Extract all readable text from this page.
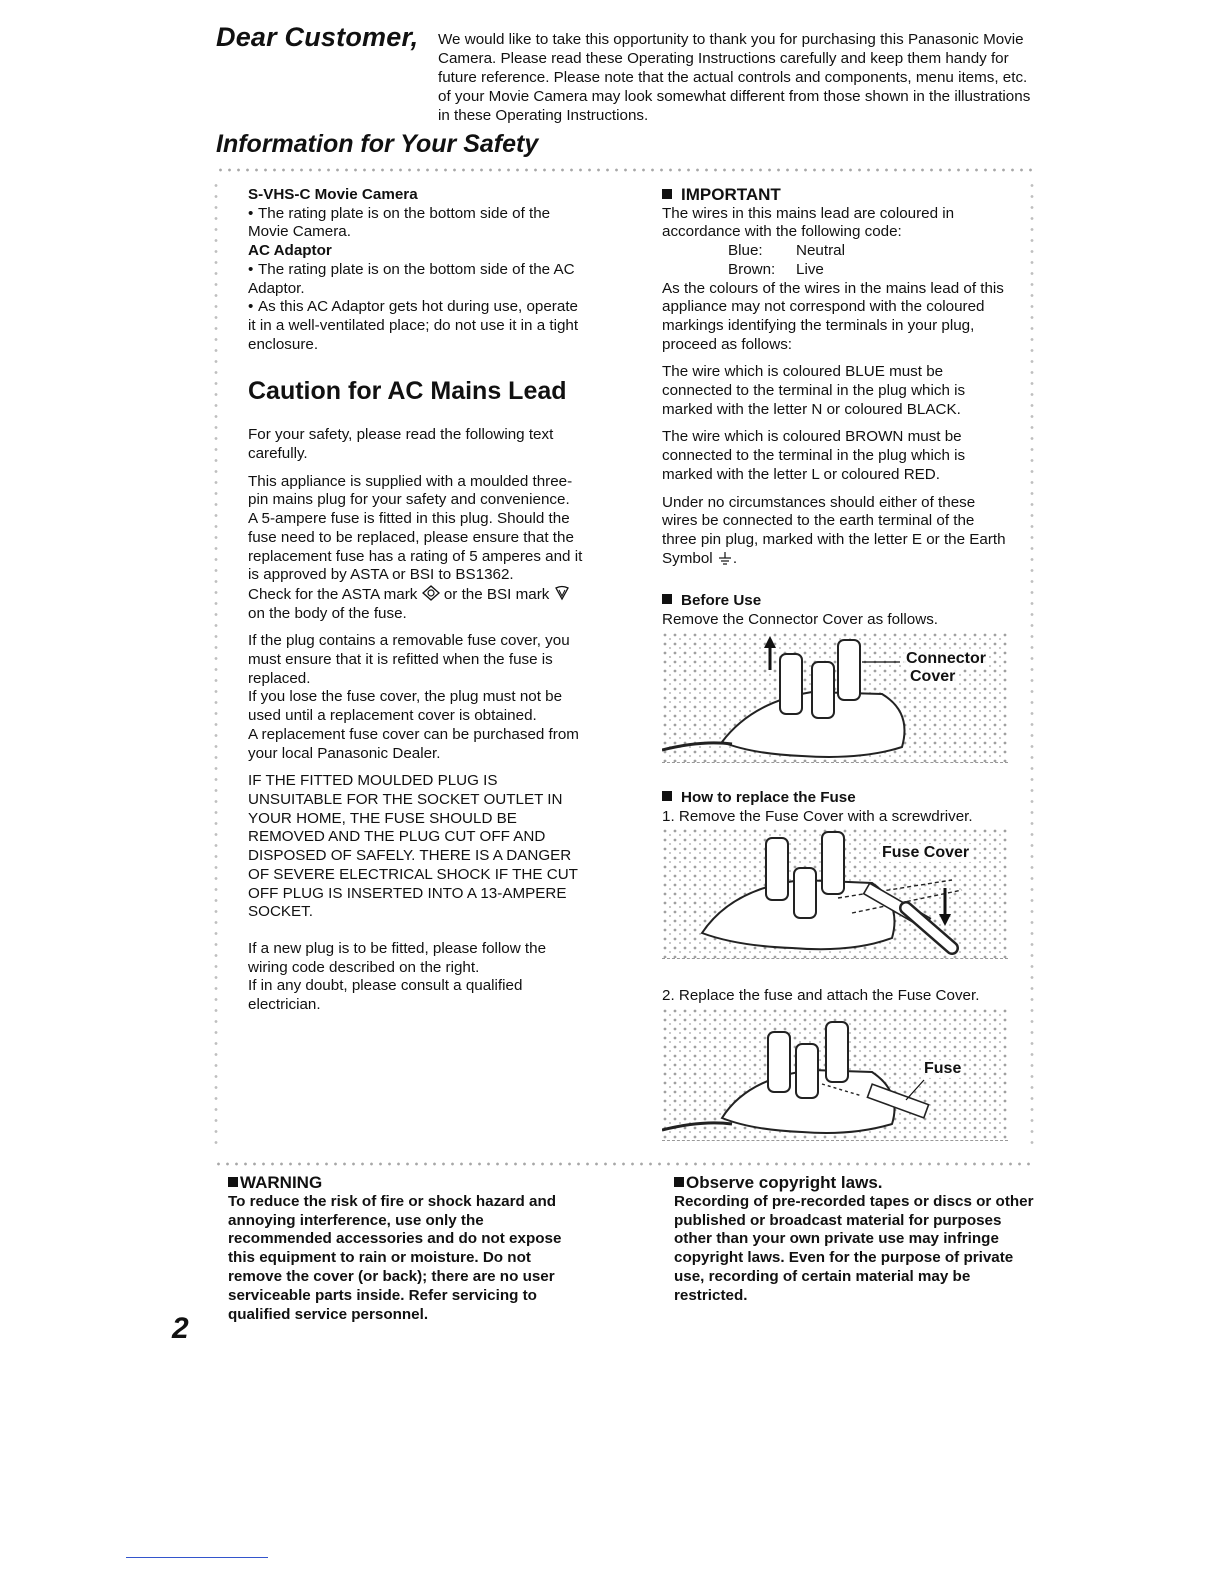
Dear Customer, We would like to take this opportunity to thank you for purchasing this Panasonic Movie Camera. Please read these Operating Instructions carefully and keep them handy for future reference. Please note that the actual controls and components, menu items, etc. of your Movie Camera may look somewhat different from those shown in the illustrations in these Operating Instructions.
Information for Your Safety

S-VHS-C Movie Camera

• The rating plate is on the bottom side of the Movie Camera.

AC Adaptor

• The rating plate is on the bottom side of the AC Adaptor.

• As this AC Adaptor gets hot during use, operate it in a well-ventilated place; do not use it in a tight enclosure.

Caution for AC Mains Lead

For your safety, please read the following text carefully.

This appliance is supplied with a moulded three-pin mains plug for your safety and convenience.

A 5-ampere fuse is fitted in this plug. Should the fuse need to be replaced, please ensure that the replacement fuse has a rating of 5 amperes and it is approved by ASTA or BSI to BS1362.

Check for the ASTA mark or the BSI mark  on the body of the fuse.

If the plug contains a removable fuse cover, you must ensure that it is refitted when the fuse is replaced.

If you lose the fuse cover, the plug must not be used until a replacement cover is obtained.

A replacement fuse cover can be purchased from your local Panasonic Dealer.

IF THE FITTED MOULDED PLUG IS UNSUITABLE FOR THE SOCKET OUTLET IN YOUR HOME, THE FUSE SHOULD BE REMOVED AND THE PLUG CUT OFF AND DISPOSED OF SAFELY. THERE IS A DANGER OF SEVERE ELECTRICAL SHOCK IF THE CUT OFF PLUG IS INSERTED INTO A 13-AMPERE SOCKET.

If a new plug is to be fitted, please follow the wiring code described on the right.

If in any doubt, please consult a qualified electrician.

IMPORTANT

The wires in this mains lead are coloured in accordance with the following code:

Blue: Neutral

Brown: Live

As the colours of the wires in the mains lead of this appliance may not correspond with the coloured markings identifying the terminals in your plug, proceed as follows:

The wire which is coloured BLUE must be connected to the terminal in the plug which is marked with the letter N or coloured BLACK.

The wire which is coloured BROWN must be connected to the terminal in the plug which is marked with the letter L or coloured RED.

Under no circumstances should either of these wires be connected to the earth terminal of the three pin plug, marked with the letter E or the Earth Symbol .

Before Use

Remove the Connector Cover as follows.

Connector
Cover

How to replace the Fuse

1. Remove the Fuse Cover with a screwdriver.

Fuse Cover

2. Replace the fuse and attach the Fuse Cover.

Fuse
WARNING
To reduce the risk of fire or shock hazard and annoying interference, use only the recommended accessories and do not expose this equipment to rain or moisture. Do not remove the cover (or back); there are no user serviceable parts inside. Refer servicing to qualified service personnel.
Observe copyright laws.
Recording of pre-recorded tapes or discs or other published or broadcast material for purposes other than your own private use may infringe copyright laws. Even for the purpose of private use, recording of certain material may be restricted.
2
